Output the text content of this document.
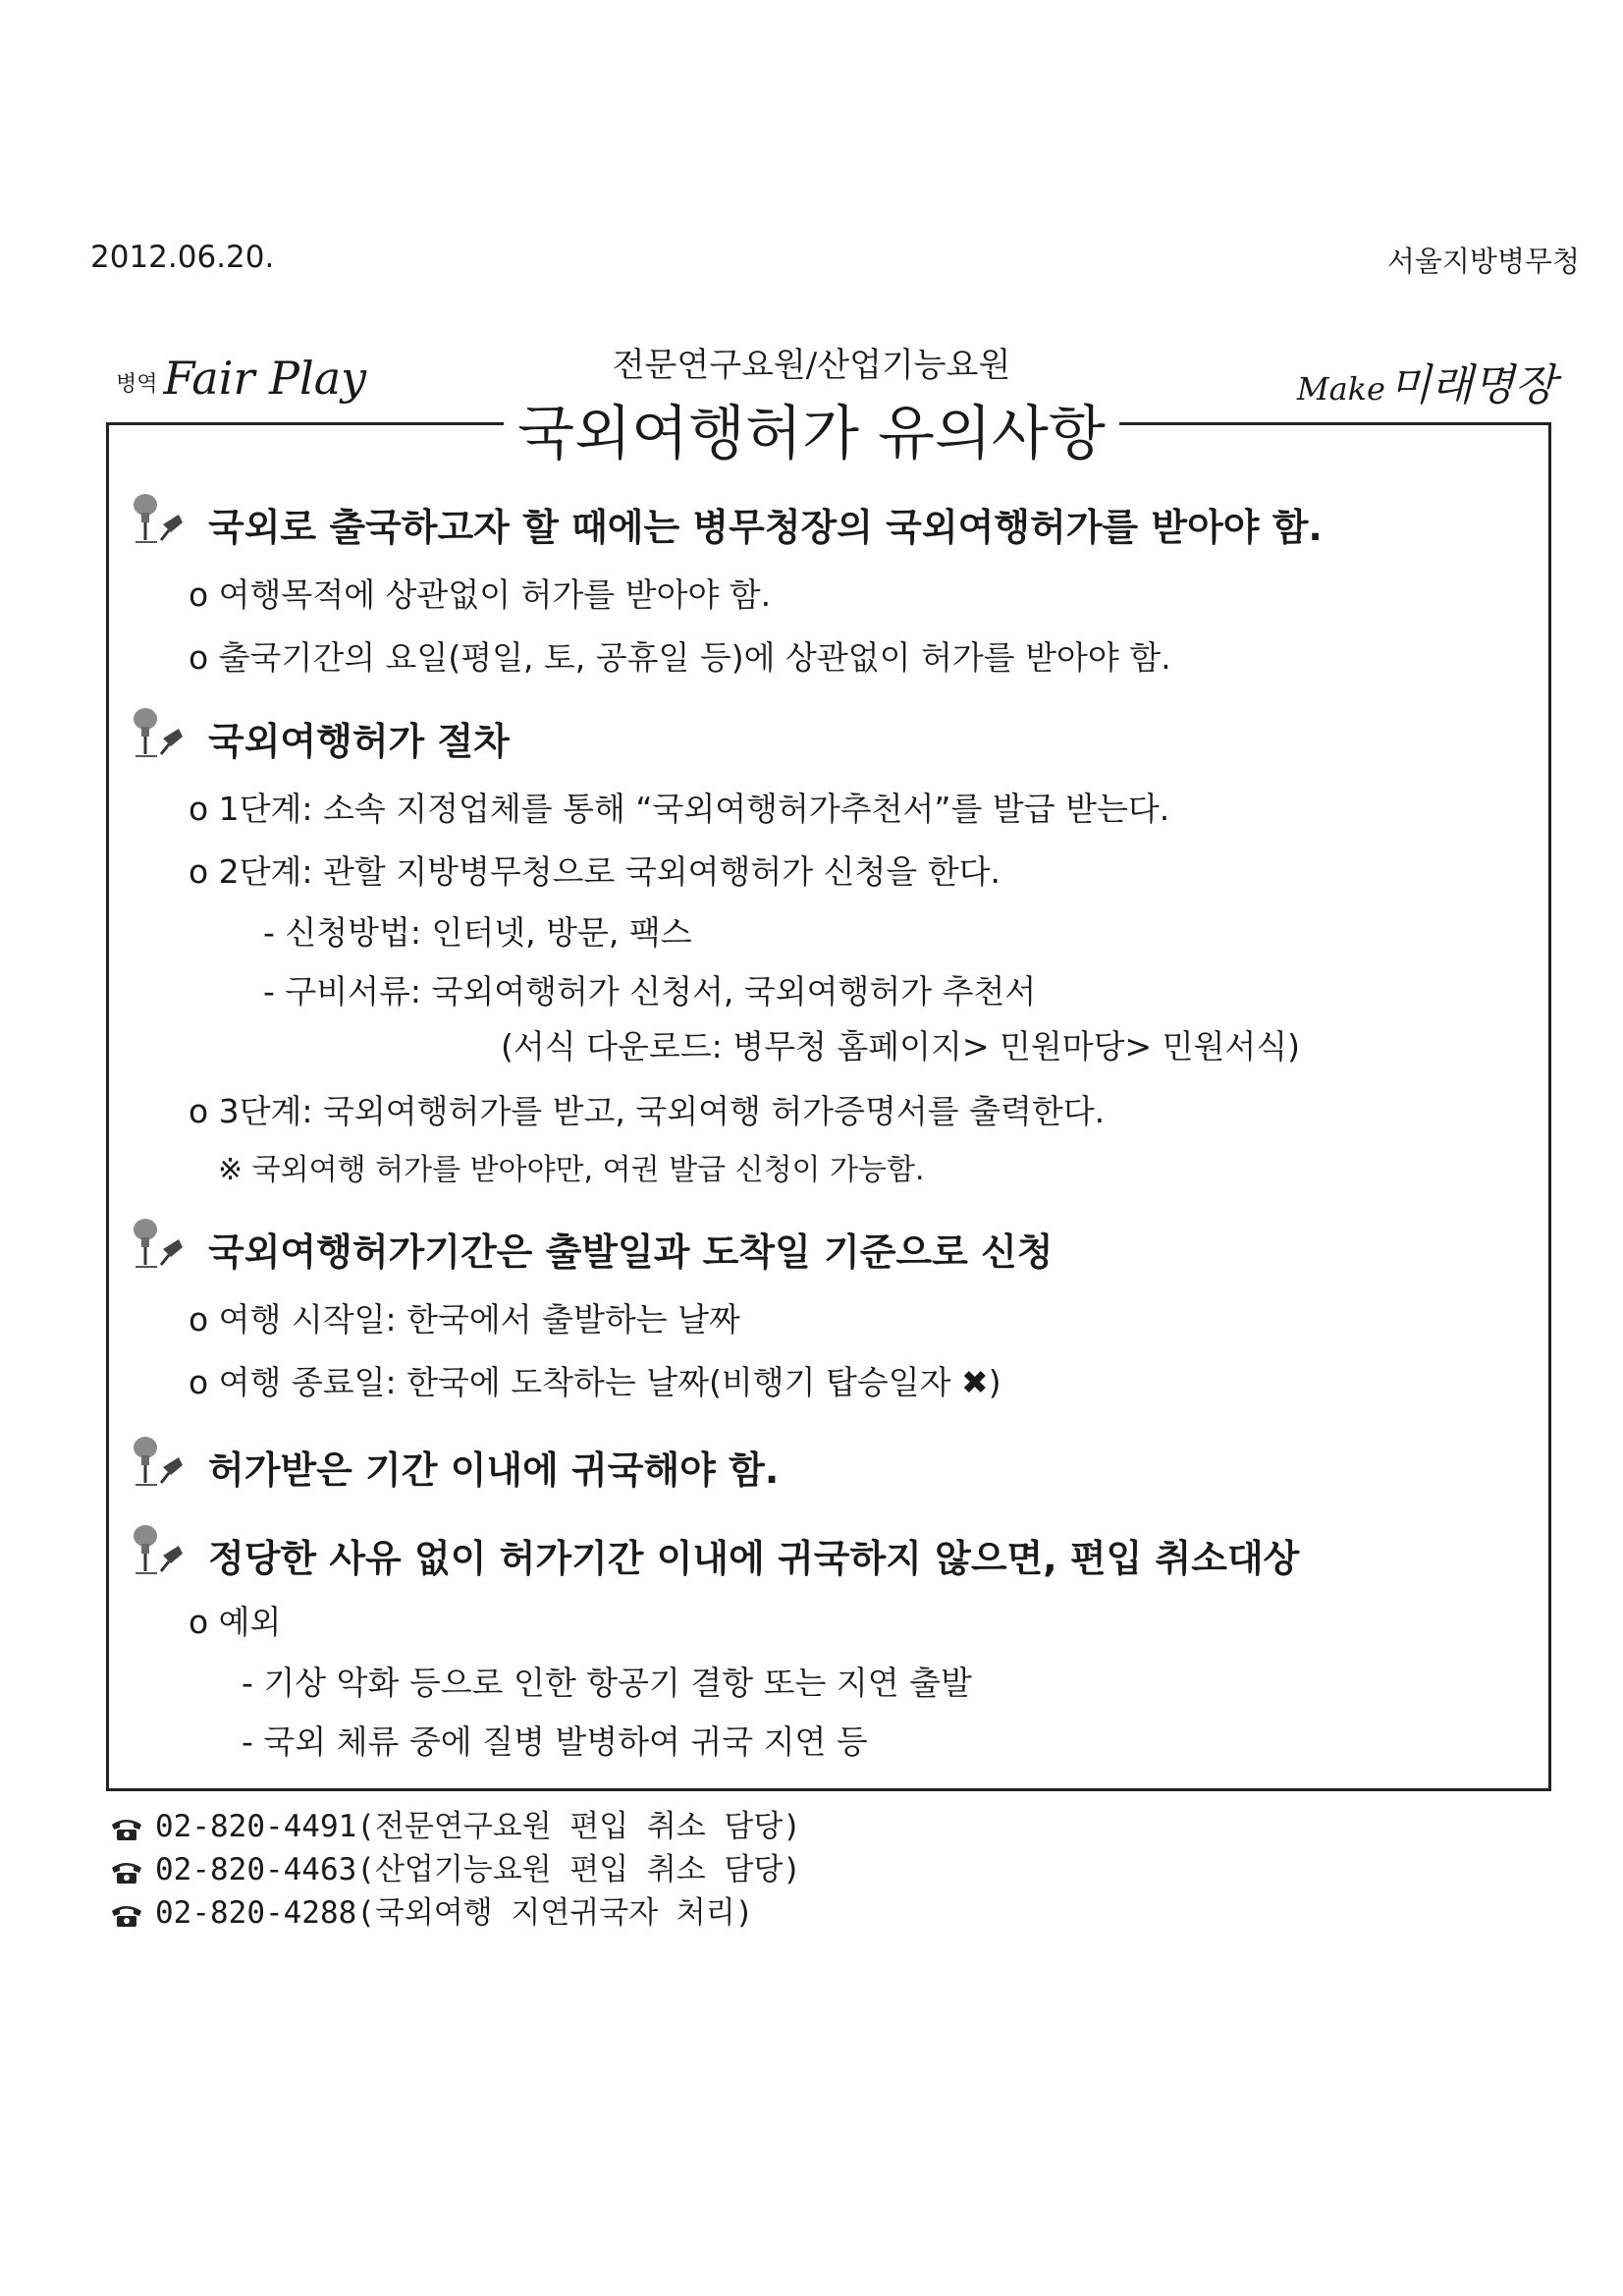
2012.06.20.	서울지방병무청
병역 Fair Play	Make미래명장
전문연구요원/산업기능요원
국외여행허가 유의사항
국외로 출국하고자 할 때에는 병무청장의 국외여행허가를 받아야 함.
o 여행목적에 상관없이 허가를 받아야 함.
o 출국기간의 요일(평일, 토, 공휴일 등)에 상관없이 허가를 받아야 함.
국외여행허가 절차
o 1단계: 소속 지정업체를 통해 “국외여행허가추천서”를 발급 받는다.
o 2단계: 관할 지방병무청으로 국외여행허가 신청을 한다.
- 신청방법: 인터넷, 방문, 팩스
- 구비서류: 국외여행허가 신청서, 국외여행허가 추천서
(서식 다운로드: 병무청 홈페이지> 민원마당> 민원서식)
o 3단계: 국외여행허가를 받고, 국외여행 허가증명서를 출력한다.
※ 국외여행 허가를 받아야만, 여권 발급 신청이 가능함.
국외여행허가기간은 출발일과 도착일 기준으로 신청
o 여행 시작일: 한국에서 출발하는 날짜
o 여행 종료일: 한국에 도착하는 날짜(비행기 탑승일자 ✖)
허가받은 기간 이내에 귀국해야 함.
정당한 사유 없이 허가기간 이내에 귀국하지 않으면, 편입 취소대상
o 예외
- 기상 악화 등으로 인한 항공기 결항 또는 지연 출발
- 국외 체류 중에 질병 발병하여 귀국 지연 등
02-820-4491(전문연구요원 편입 취소 담당)
02-820-4463(산업기능요원 편입 취소 담당)
02-820-4288(국외여행 지연귀국자 처리)
